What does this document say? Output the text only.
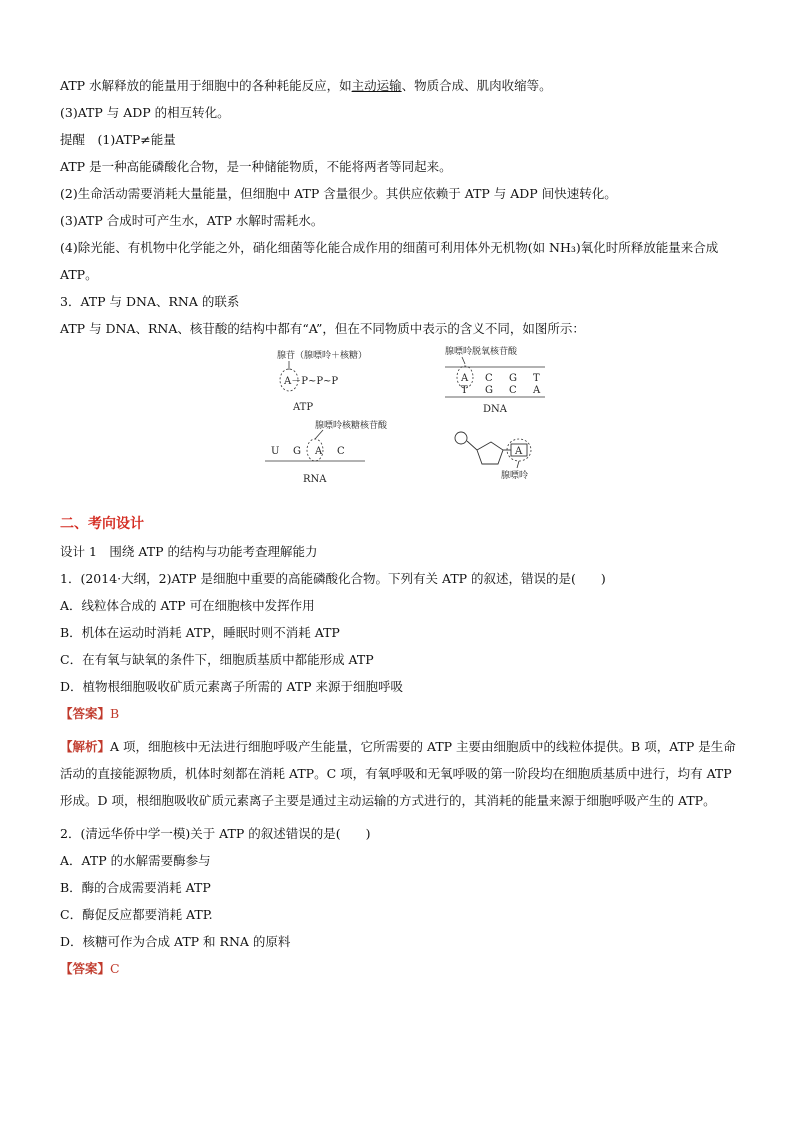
ATP 水解释放的能量用于细胞中的各种耗能反应，如主动运输、物质合成、肌肉收缩等。
(3)ATP 与 ADP 的相互转化。
提醒　(1)ATP≠能量
ATP 是一种高能磷酸化合物，是一种储能物质，不能将两者等同起来。
(2)生命活动需要消耗大量能量，但细胞中 ATP 含量很少。其供应依赖于 ATP 与 ADP 间快速转化。
(3)ATP 合成时可产生水，ATP 水解时需耗水。
(4)除光能、有机物中化学能之外，硝化细菌等化能合成作用的细菌可利用体外无机物(如 NH₃)氧化时所释放能量来合成 ATP。
3．ATP 与 DNA、RNA 的联系
ATP 与 DNA、RNA、核苷酸的结构中都有“A”，但在不同物质中表示的含义不同，如图所示：
腺苷（腺嘌呤＋核糖）
A－P~P~P
ATP
腺嘌呤脱氧核苷酸
A C G T
T G C A
DNA
腺嘌呤核糖核苷酸
U G A C
RNA
A
腺嘌呤
二、考向设计
设计 1　围绕 ATP 的结构与功能考查理解能力
1．(2014·大纲，2)ATP 是细胞中重要的高能磷酸化合物。下列有关 ATP 的叙述，错误的是(　　)
A．线粒体合成的 ATP 可在细胞核中发挥作用
B．机体在运动时消耗 ATP，睡眠时则不消耗 ATP
C．在有氧与缺氧的条件下，细胞质基质中都能形成 ATP
D．植物根细胞吸收矿质元素离子所需的 ATP 来源于细胞呼吸
【答案】B
【解析】A 项，细胞核中无法进行细胞呼吸产生能量，它所需要的 ATP 主要由细胞质中的线粒体提供。B 项，ATP 是生命活动的直接能源物质，机体时刻都在消耗 ATP。C 项，有氧呼吸和无氧呼吸的第一阶段均在细胞质基质中进行，均有 ATP 形成。D 项，根细胞吸收矿质元素离子主要是通过主动运输的方式进行的，其消耗的能量来源于细胞呼吸产生的 ATP。
2．(清远华侨中学一模)关于 ATP 的叙述错误的是(　　)
A．ATP 的水解需要酶参与
B．酶的合成需要消耗 ATP
C．酶促反应都要消耗 ATP.
D．核糖可作为合成 ATP 和 RNA 的原料
【答案】C
